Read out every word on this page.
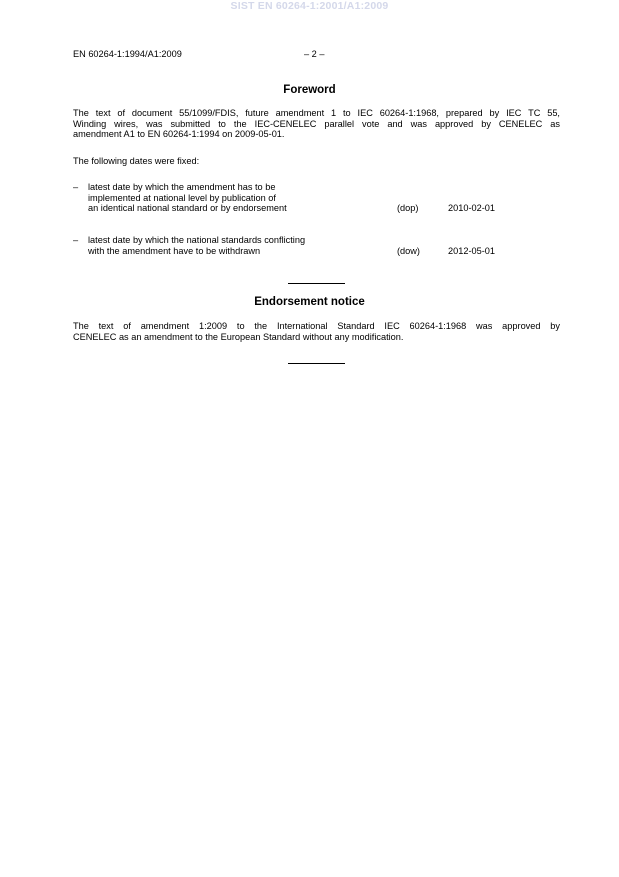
SIST EN 60264-1:2001/A1:2009
EN 60264-1:1994/A1:2009	– 2 –
Foreword
The text of document 55/1099/FDIS, future amendment 1 to IEC 60264-1:1968, prepared by IEC TC 55,
Winding wires, was submitted to the IEC-CENELEC parallel vote and was approved by CENELEC as
amendment A1 to EN 60264-1:1994 on 2009-05-01.
The following dates were fixed:
– latest date by which the amendment has to be
implemented at national level by publication of
an identical national standard or by endorsement	(dop)	2010-02-01
– latest date by which the national standards conflicting
with the amendment have to be withdrawn	(dow)	2012-05-01
Endorsement notice
The text of amendment 1:2009 to the International Standard IEC 60264-1:1968 was approved by
CENELEC as an amendment to the European Standard without any modification.
